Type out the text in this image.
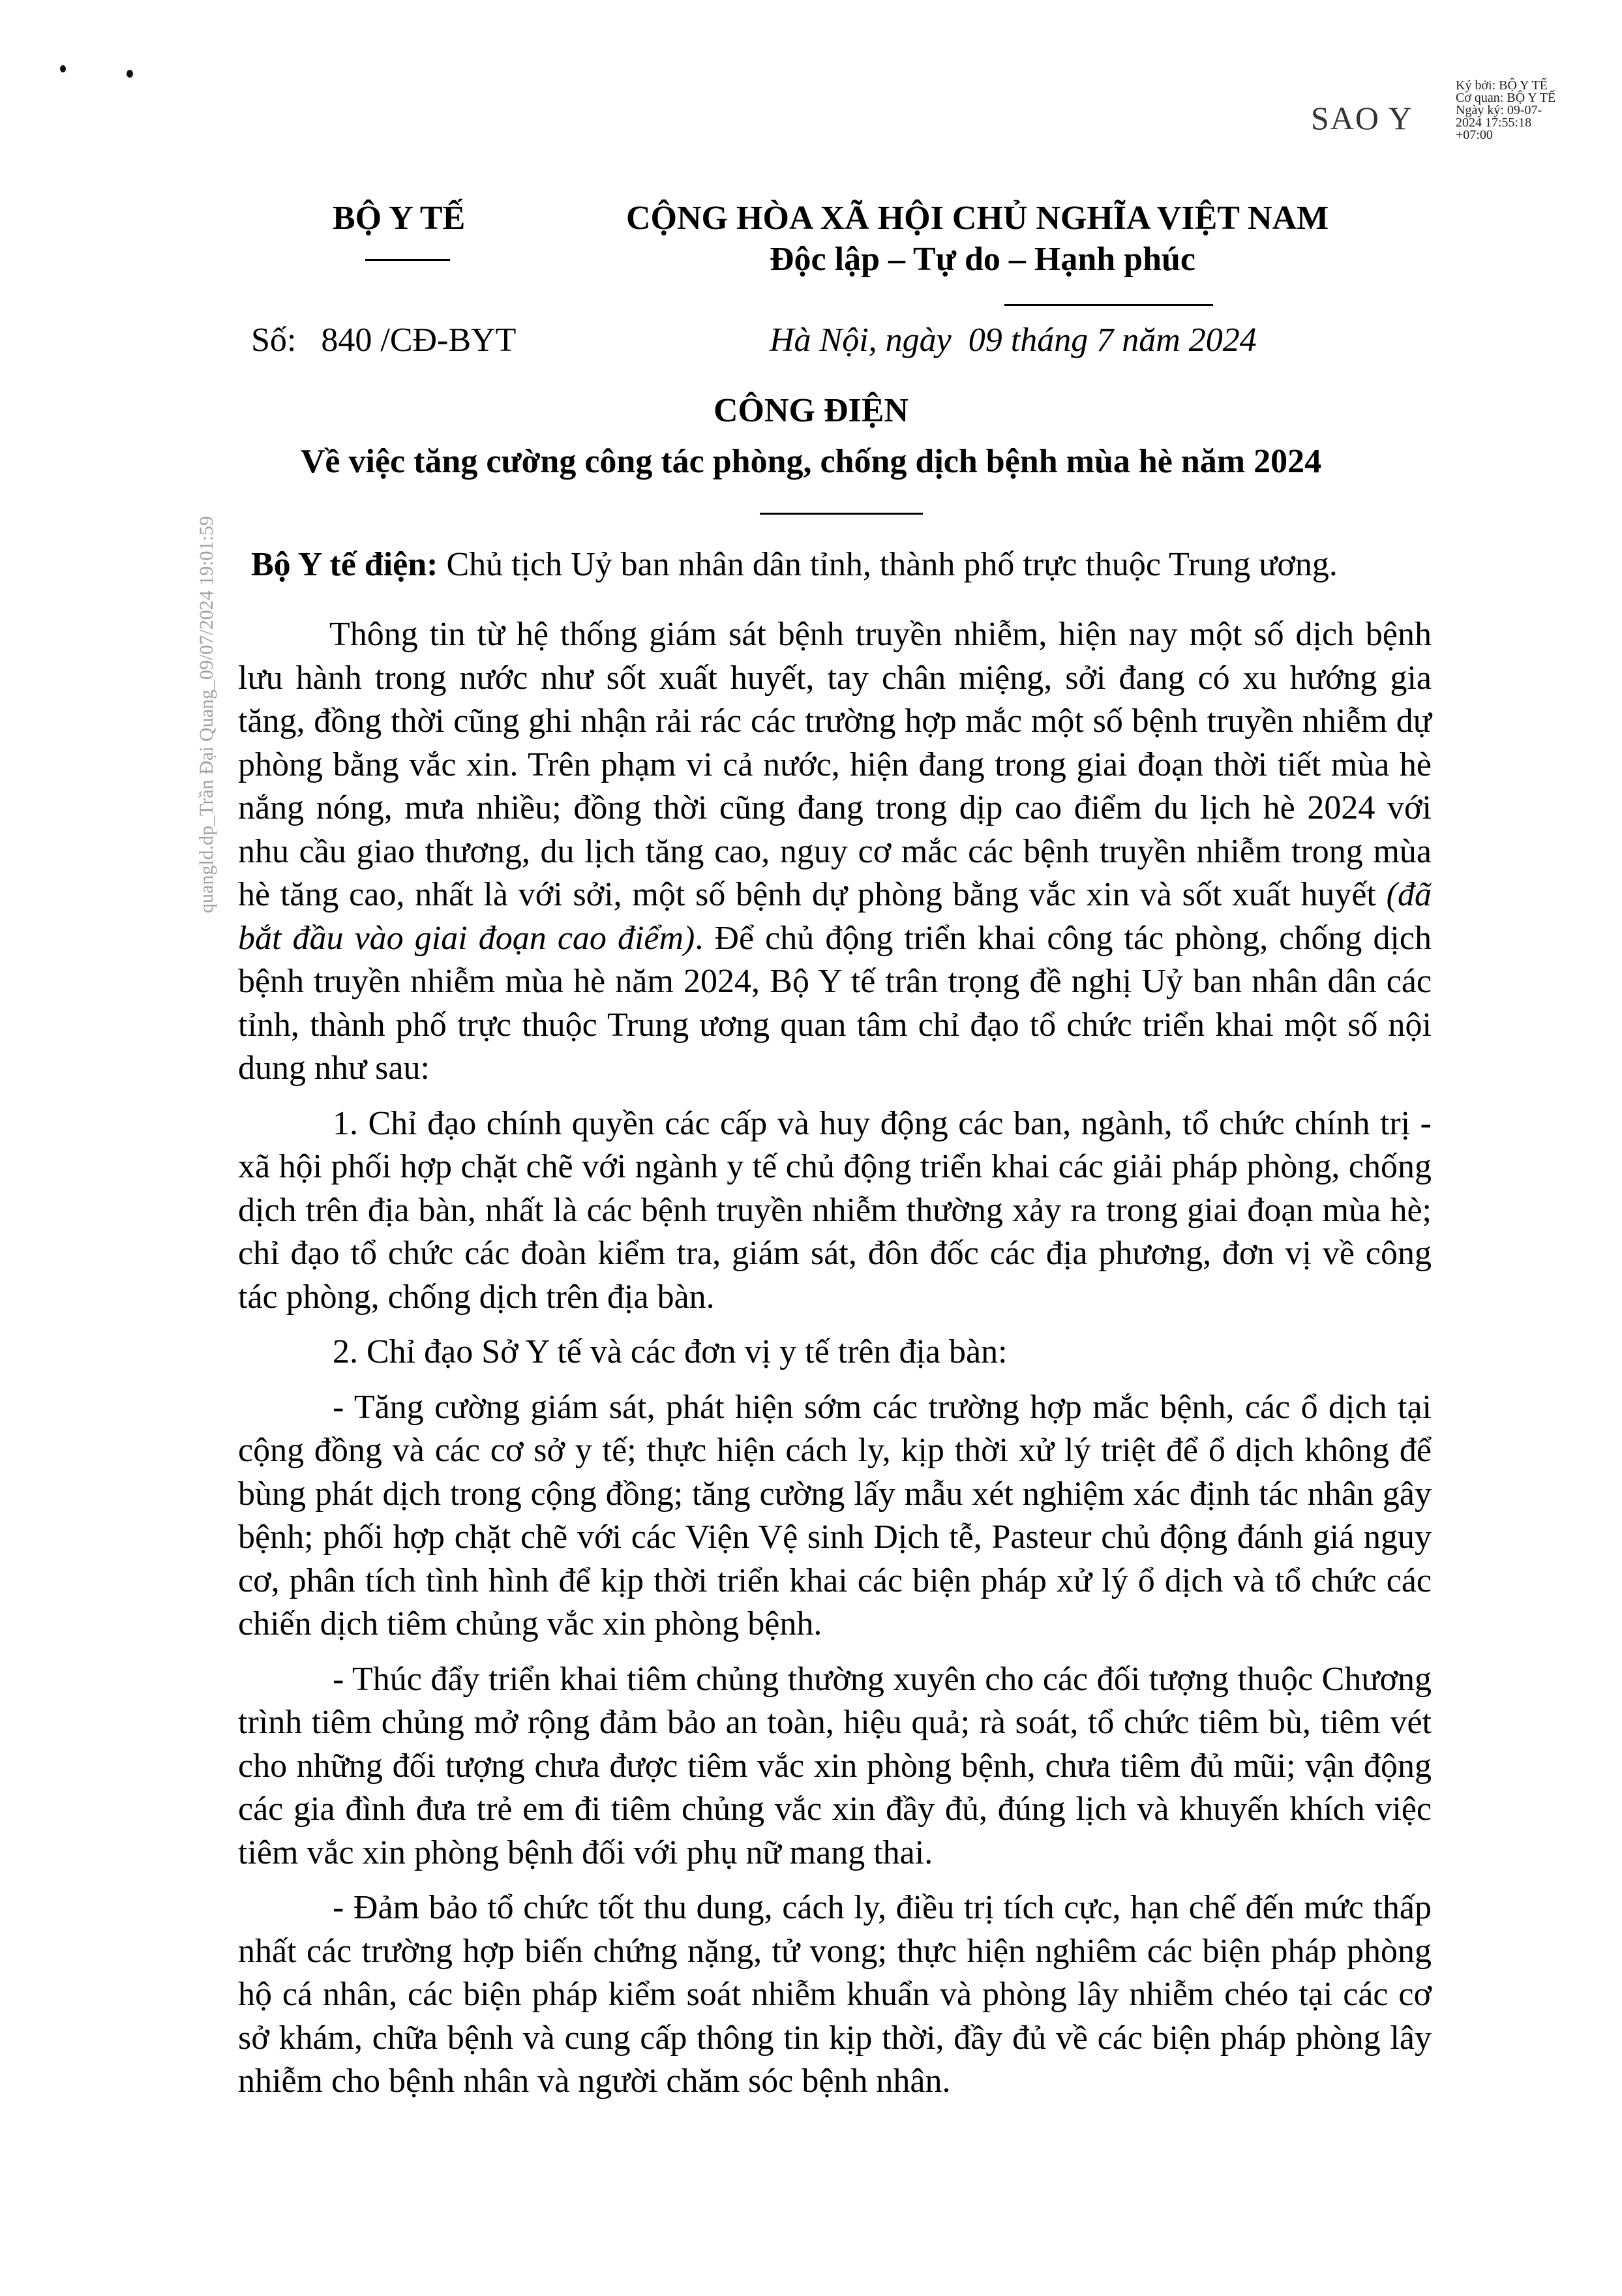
quangld.dp_Trần Đại Quang_09/07/2024 19:01:59
SAO Y
Ký bởi: BỘ Y TẾ
Cơ quan: BỘ Y TẾ
Ngày ký: 09-07-
2024 17:55:18
+07:00
BỘ Y TẾ	CỘNG HÒA XÃ HỘI CHỦ NGHĨA VIỆT NAM
Độc lập – Tự do – Hạnh phúc
Số: 840 /CĐ-BYT	Hà Nội, ngày  09 tháng 7 năm 2024
CÔNG ĐIỆN
Về việc tăng cường công tác phòng, chống dịch bệnh mùa hè năm 2024
Bộ Y tế điện: Chủ tịch Uỷ ban nhân dân tỉnh, thành phố trực thuộc Trung ương.

Thông tin từ hệ thống giám sát bệnh truyền nhiễm, hiện nay một số dịch bệnh lưu hành trong nước như sốt xuất huyết, tay chân miệng, sởi đang có xu hướng gia tăng, đồng thời cũng ghi nhận rải rác các trường hợp mắc một số bệnh truyền nhiễm dự phòng bằng vắc xin. Trên phạm vi cả nước, hiện đang trong giai đoạn thời tiết mùa hè nắng nóng, mưa nhiều; đồng thời cũng đang trong dịp cao điểm du lịch hè 2024 với nhu cầu giao thương, du lịch tăng cao, nguy cơ mắc các bệnh truyền nhiễm trong mùa hè tăng cao, nhất là với sởi, một số bệnh dự phòng bằng vắc xin và sốt xuất huyết (đã bắt đầu vào giai đoạn cao điểm). Để chủ động triển khai công tác phòng, chống dịch bệnh truyền nhiễm mùa hè năm 2024, Bộ Y tế trân trọng đề nghị Uỷ ban nhân dân các tỉnh, thành phố trực thuộc Trung ương quan tâm chỉ đạo tổ chức triển khai một số nội dung như sau:

1. Chỉ đạo chính quyền các cấp và huy động các ban, ngành, tổ chức chính trị - xã hội phối hợp chặt chẽ với ngành y tế chủ động triển khai các giải pháp phòng, chống dịch trên địa bàn, nhất là các bệnh truyền nhiễm thường xảy ra trong giai đoạn mùa hè; chỉ đạo tổ chức các đoàn kiểm tra, giám sát, đôn đốc các địa phương, đơn vị về công tác phòng, chống dịch trên địa bàn.

2. Chỉ đạo Sở Y tế và các đơn vị y tế trên địa bàn:

- Tăng cường giám sát, phát hiện sớm các trường hợp mắc bệnh, các ổ dịch tại cộng đồng và các cơ sở y tế; thực hiện cách ly, kịp thời xử lý triệt để ổ dịch không để bùng phát dịch trong cộng đồng; tăng cường lấy mẫu xét nghiệm xác định tác nhân gây bệnh; phối hợp chặt chẽ với các Viện Vệ sinh Dịch tễ, Pasteur chủ động đánh giá nguy cơ, phân tích tình hình để kịp thời triển khai các biện pháp xử lý ổ dịch và tổ chức các chiến dịch tiêm chủng vắc xin phòng bệnh.

- Thúc đẩy triển khai tiêm chủng thường xuyên cho các đối tượng thuộc Chương trình tiêm chủng mở rộng đảm bảo an toàn, hiệu quả; rà soát, tổ chức tiêm bù, tiêm vét cho những đối tượng chưa được tiêm vắc xin phòng bệnh, chưa tiêm đủ mũi; vận động các gia đình đưa trẻ em đi tiêm chủng vắc xin đầy đủ, đúng lịch và khuyến khích việc tiêm vắc xin phòng bệnh đối với phụ nữ mang thai.

- Đảm bảo tổ chức tốt thu dung, cách ly, điều trị tích cực, hạn chế đến mức thấp nhất các trường hợp biến chứng nặng, tử vong; thực hiện nghiêm các biện pháp phòng hộ cá nhân, các biện pháp kiểm soát nhiễm khuẩn và phòng lây nhiễm chéo tại các cơ sở khám, chữa bệnh và cung cấp thông tin kịp thời, đầy đủ về các biện pháp phòng lây nhiễm cho bệnh nhân và người chăm sóc bệnh nhân.
